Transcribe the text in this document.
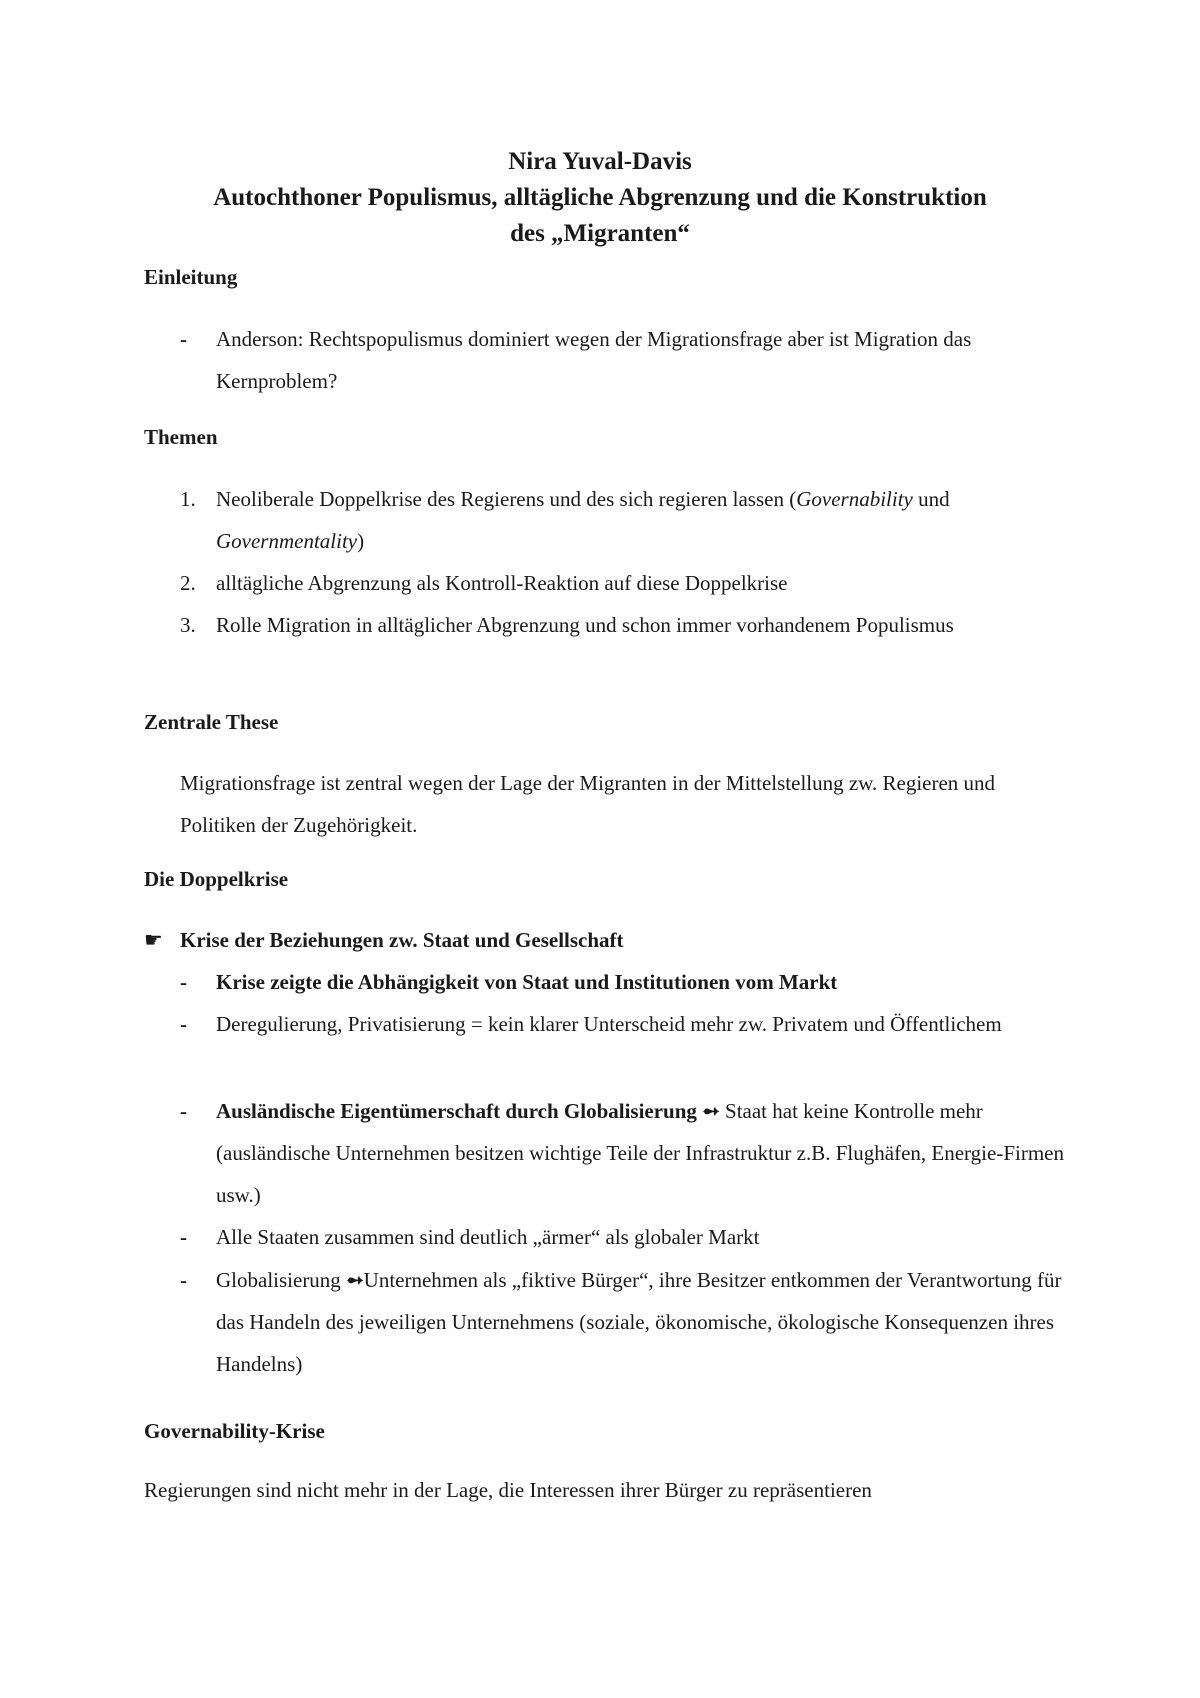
Nira Yuval-Davis

Autochthoner Populismus, alltägliche Abgrenzung und die Konstruktion

des „Migranten“

Einleitung

- Anderson: Rechtspopulismus dominiert wegen der Migrationsfrage aber ist Migration das Kernproblem?

Themen

1. Neoliberale Doppelkrise des Regierens und des sich regieren lassen (Governability und Governmentality)
2. alltägliche Abgrenzung als Kontroll-Reaktion auf diese Doppelkrise
3. Rolle Migration in alltäglicher Abgrenzung und schon immer vorhandenem Populismus

Zentrale These

Migrationsfrage ist zentral wegen der Lage der Migranten in der Mittelstellung zw. Regieren und Politiken der Zugehörigkeit.

Die Doppelkrise

☛ Krise der Beziehungen zw. Staat und Gesellschaft
- Krise zeigte die Abhängigkeit von Staat und Institutionen vom Markt
- Deregulierung, Privatisierung = kein klarer Unterscheid mehr zw. Privatem und Öffentlichem
- Ausländische Eigentümerschaft durch Globalisierung ➻ Staat hat keine Kontrolle mehr (ausländische Unternehmen besitzen wichtige Teile der Infrastruktur z.B. Flughäfen, Energie-Firmen usw.)
- Alle Staaten zusammen sind deutlich „ärmer“ als globaler Markt
- Globalisierung ➻Unternehmen als „fiktive Bürger“, ihre Besitzer entkommen der Verantwortung für das Handeln des jeweiligen Unternehmens (soziale, ökonomische, ökologische Konsequenzen ihres Handelns)

Governability-Krise

Regierungen sind nicht mehr in der Lage, die Interessen ihrer Bürger zu repräsentieren
